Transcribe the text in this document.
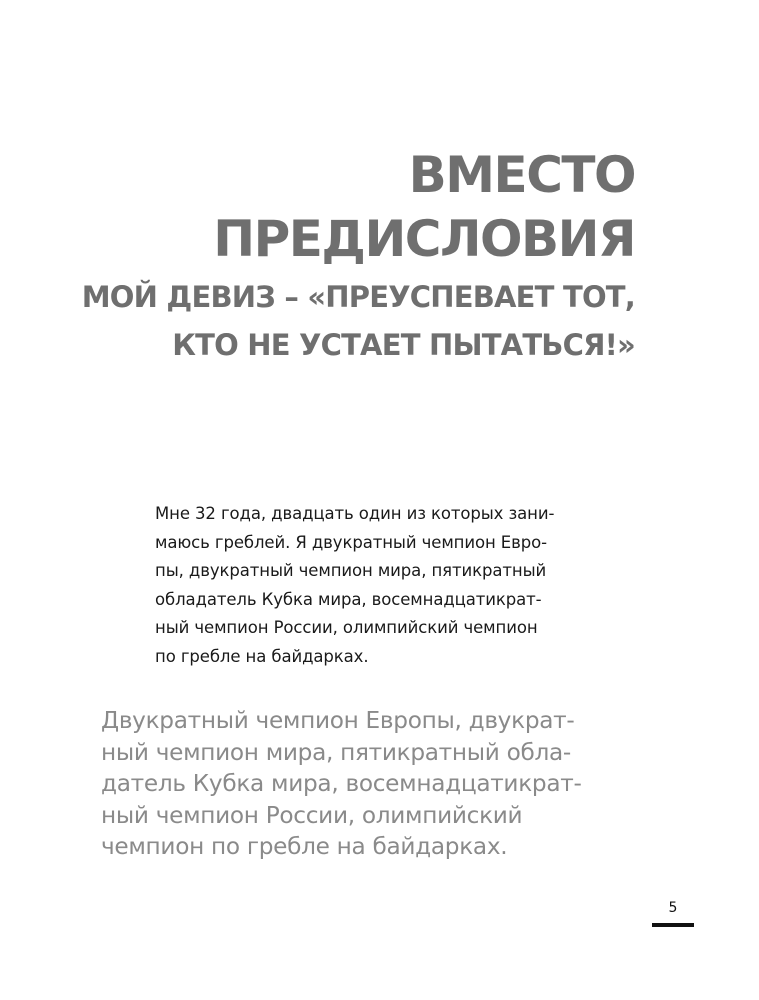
ВМЕСТО
ПРЕДИСЛОВИЯ
МОЙ ДЕВИЗ – «ПРЕУСПЕВАЕТ ТОТ,
КТО НЕ УСТАЕТ ПЫТАТЬСЯ!»
Мне 32 года, двадцать один из которых зани-
маюсь греблей. Я двукратный чемпион Евро-
пы, двукратный чемпион мира, пятикратный
обладатель Кубка мира, восемнадцатикрат-
ный чемпион России, олимпийский чемпион
по гребле на байдарках.
Двукратный чемпион Европы, двукрат-
ный чемпион мира, пятикратный обла-
датель Кубка мира, восемнадцатикрат-
ный чемпион России, олимпийский
чемпион по гребле на байдарках.
5
